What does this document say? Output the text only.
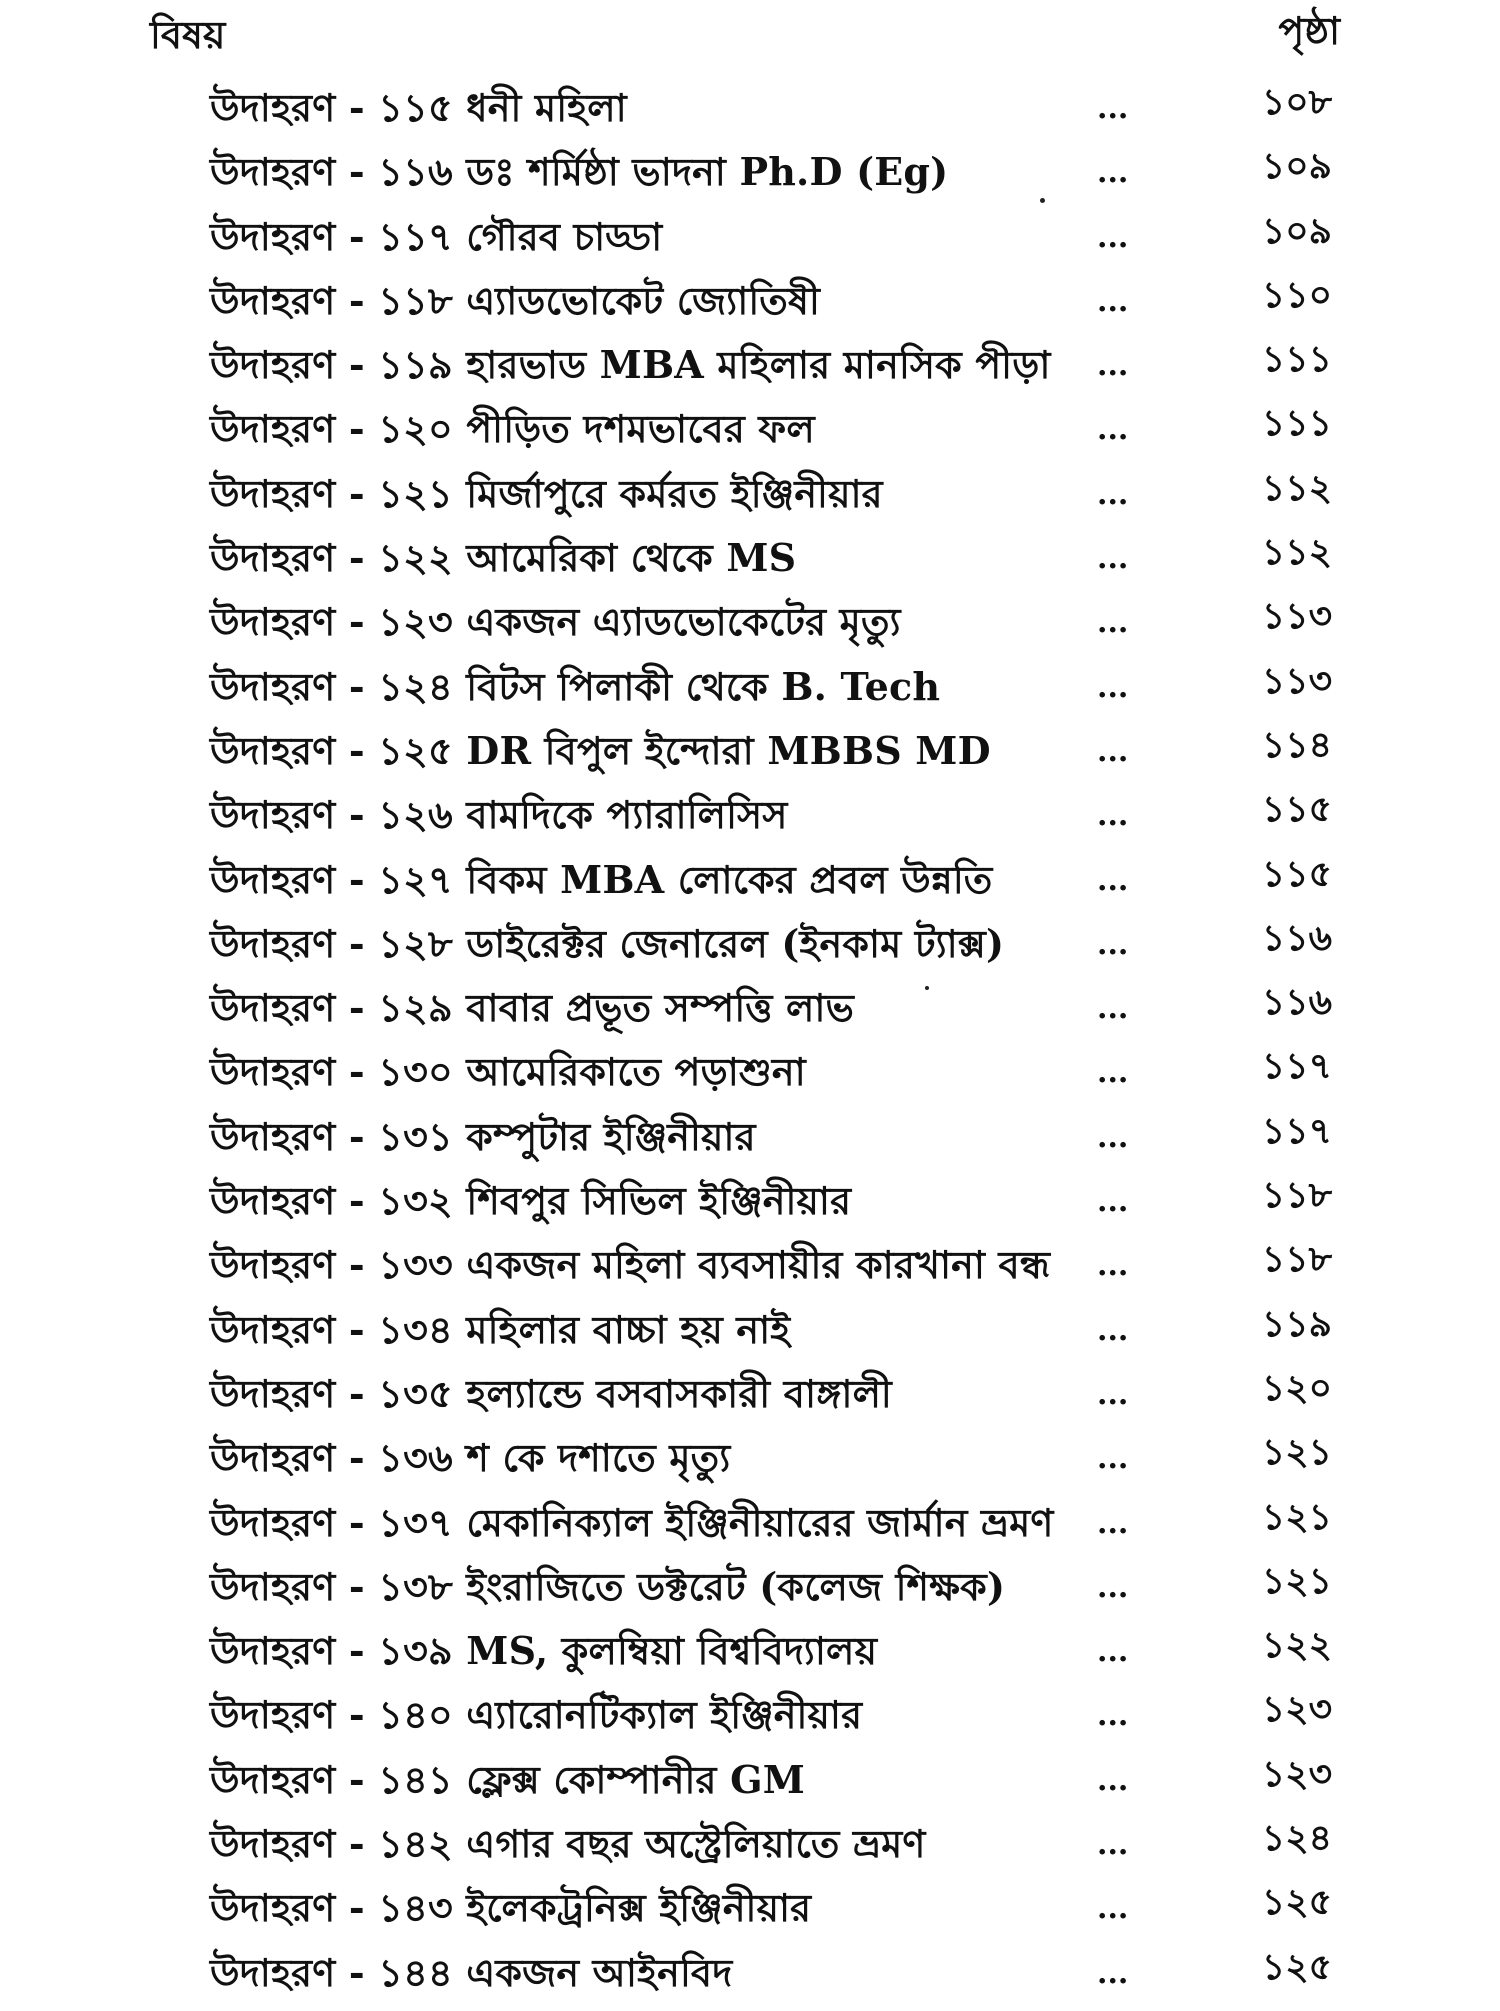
বিষয়	পৃষ্ঠা
উদাহরণ - ১১৫ ধনী মহিলা	...	১০৮
উদাহরণ - ১১৬ ডঃ শর্মিষ্ঠা ভাদনা Ph.D (Eg)	...	১০৯
উদাহরণ - ১১৭ গৌরব চাড্ডা	...	১০৯
উদাহরণ - ১১৮ এ্যাডভোকেট জ্যোতিষী	...	১১০
উদাহরণ - ১১৯ হারভাড MBA মহিলার মানসিক পীড়া ...	১১১
উদাহরণ - ১২০ পীড়িত দশমভাবের ফল	...	১১১
উদাহরণ - ১২১ মির্জাপুরে কর্মরত ইঞ্জিনীয়ার	...	১১২
উদাহরণ - ১২২ আমেরিকা থেকে MS	...	১১২
উদাহরণ - ১২৩ একজন এ্যাডভোকেটের মৃত্যু	...	১১৩
উদাহরণ - ১২৪ বিটস পিলাকী থেকে B. Tech	...	১১৩
উদাহরণ - ১২৫ DR বিপুল ইন্দোরা MBBS MD	...	১১৪
উদাহরণ - ১২৬ বামদিকে প্যারালিসিস	...	১১৫
উদাহরণ - ১২৭ বিকম MBA লোকের প্রবল উন্নতি	...	১১৫
উদাহরণ - ১২৮ ডাইরেক্টর জেনারেল (ইনকাম ট্যাক্স)	...	১১৬
উদাহরণ - ১২৯ বাবার প্রভূত সম্পত্তি লাভ	...	১১৬
উদাহরণ - ১৩০ আমেরিকাতে পড়াশুনা	...	১১৭
উদাহরণ - ১৩১ কম্পুটার ইঞ্জিনীয়ার	...	১১৭
উদাহরণ - ১৩২ শিবপুর সিভিল ইঞ্জিনীয়ার	...	১১৮
উদাহরণ - ১৩৩ একজন মহিলা ব্যবসায়ীর কারখানা বন্ধ ...	১১৮
উদাহরণ - ১৩৪ মহিলার বাচ্চা হয় নাই	...	১১৯
উদাহরণ - ১৩৫ হল্যান্ডে বসবাসকারী বাঙ্গালী	...	১২০
উদাহরণ - ১৩৬ শ কে দশাতে মৃত্যু	...	১২১
উদাহরণ - ১৩৭ মেকানিক্যাল ইঞ্জিনীয়ারের জার্মান ভ্রমণ ...	১২১
উদাহরণ - ১৩৮ ইংরাজিতে ডক্টরেট (কলেজ শিক্ষক)	...	১২১
উদাহরণ - ১৩৯ MS, কুলম্বিয়া বিশ্ববিদ্যালয়	...	১২২
উদাহরণ - ১৪০ এ্যারোনটিক্যাল ইঞ্জিনীয়ার	...	১২৩
উদাহরণ - ১৪১ ফ্লেক্স কোম্পানীর GM	...	১২৩
উদাহরণ - ১৪২ এগার বছর অস্ট্রেলিয়াতে ভ্রমণ	...	১২৪
উদাহরণ - ১৪৩ ইলেকট্রনিক্স ইঞ্জিনীয়ার	...	১২৫
উদাহরণ - ১৪৪ একজন আইনবিদ	...	১২৫
